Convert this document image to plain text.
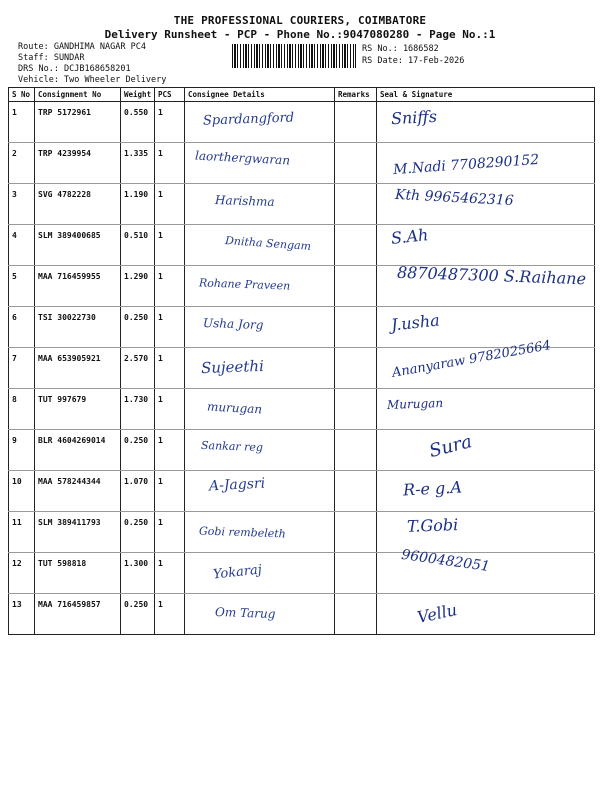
THE PROFESSIONAL COURIERS, COIMBATORE
Delivery Runsheet - PCP - Phone No.:9047080280 - Page No.:1
Route: GANDHIMA NAGAR PC4
Staff: SUNDAR
DRS No.: DCJB168658201
Vehicle: Two Wheeler Delivery
RS No.: 1686582
RS Date: 17-Feb-2026
S No	Consignment No	Weight	PCS	Consignee Details	Remarks	Seal & Signature
1	TRP 5172961	0.550	1	Spardangford		Sniffs

2	TRP 4239954	1.335	1	laorthergwaran		M.Nadi 7708290152

3	SVG 4782228	1.190	1	Harishma		Kth 9965462316

4	SLM 389400685	0.510	1	Dnitha Sengam		S.Ah

5	MAA 716459955	1.290	1	Rohane Praveen		8870487300 S.Raihane

6	TSI 30022730	0.250	1	Usha Jorg		J.usha

7	MAA 653905921	2.570	1	Sujeethi		Ananyaraw 9782025664

8	TUT 997679	1.730	1	murugan		Murugan

9	BLR 4604269014	0.250	1	Sankar reg		Sura

10	MAA 578244344	1.070	1	A-Jagsri		R-e g.A

11	SLM 389411793	0.250	1	Gobi rembeleth		T.Gobi

12	TUT 598818	1.300	1	Yokaraj		9600482051

13	MAA 716459857	0.250	1	Om Tarug		Vellu
